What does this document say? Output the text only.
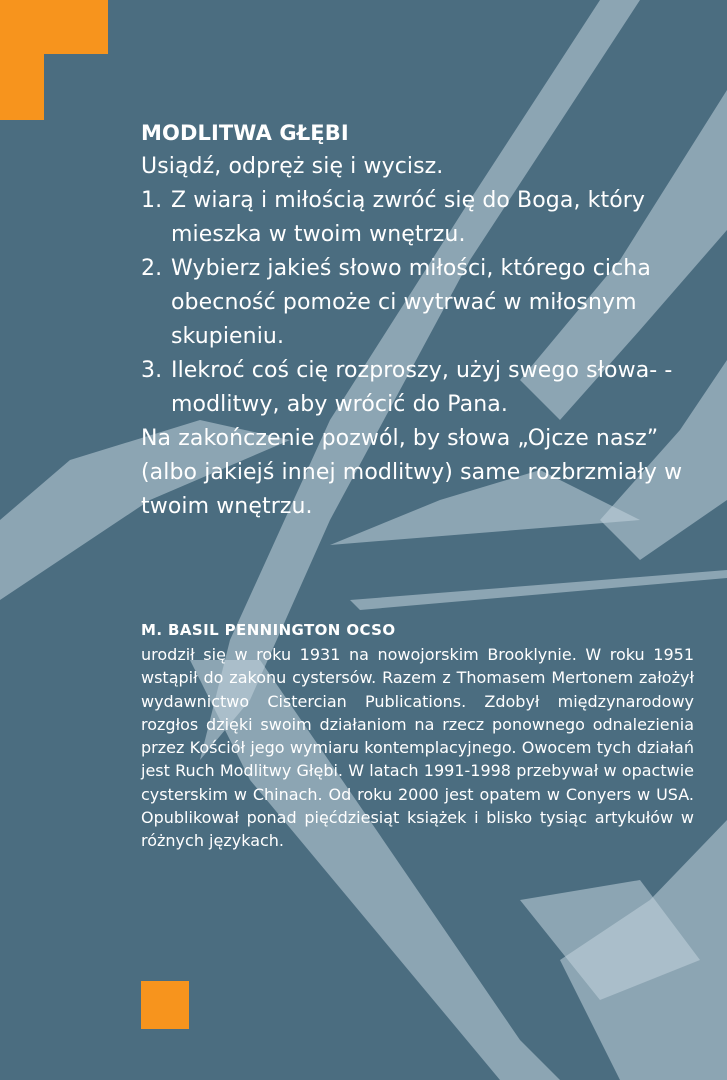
MODLITWA GŁĘBI

Usiądź, odpręż się i wycisz.

1. Z wiarą i miłością zwróć się do Boga, który mieszka w twoim wnętrzu.
2. Wybierz jakieś słowo miłości, którego cicha obecność pomoże ci wytrwać w miłosnym skupieniu.
3. Ilekroć coś cię rozproszy, użyj swego słowa- -modlitwy, aby wrócić do Pana.

Na zakończenie pozwól, by słowa „Ojcze nasz” (albo jakiejś innej modlitwy) same rozbrzmiały w twoim wnętrzu.

M. BASIL PENNINGTON OCSO

urodził się w roku 1931 na nowojorskim Brooklynie. W roku 1951 wstąpił do zakonu cystersów. Razem z Thomasem Mertonem założył wydawnictwo Cistercian Publications. Zdobył międzynarodowy rozgłos dzięki swoim działaniom na rzecz ponownego odnalezienia przez Kościół jego wymiaru kontemplacyjnego. Owocem tych działań jest Ruch Modlitwy Głębi. W latach 1991-1998 przebywał w opactwie cysterskim w Chinach. Od roku 2000 jest opatem w Conyers w USA. Opublikował ponad pięćdziesiąt książek i blisko tysiąc artykułów w różnych językach.
